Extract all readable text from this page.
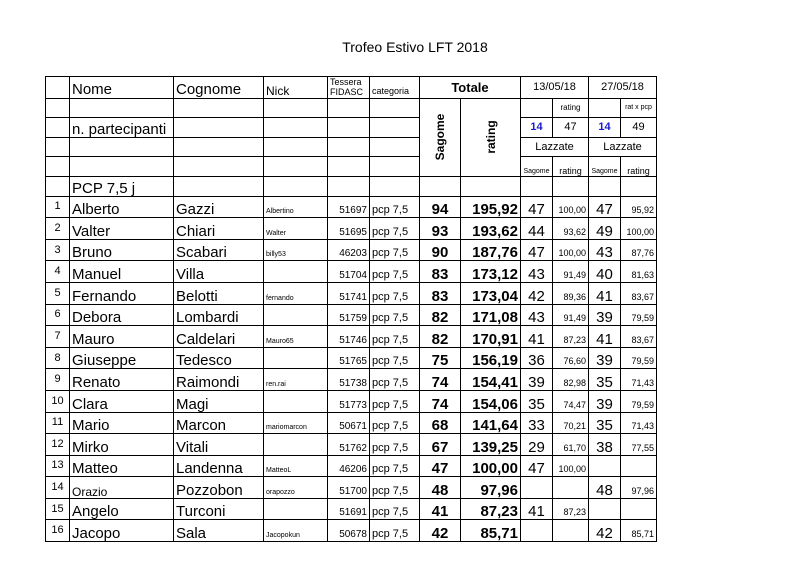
Trofeo Estivo LFT 2018
	Nome	Cognome	Nick	Tessera FIDASC	categoria	Totale		13/05/18		27/05/18	

						Sagome	rating		rating		rat x pcp
	n. partecipanti							14	47	14	49
								Lazzate		Lazzate	
								Sagome	rating	Sagome	rating
	PCP 7,5 j										
1	Alberto	Gazzi	Albertino	51697	pcp 7,5	94	195,92	47	100,00	47	95,92
2	Valter	Chiari	Walter	51695	pcp 7,5	93	193,62	44	93,62	49	100,00
3	Bruno	Scabari	billy53	46203	pcp 7,5	90	187,76	47	100,00	43	87,76
4	Manuel	Villa		51704	pcp 7,5	83	173,12	43	91,49	40	81,63
5	Fernando	Belotti	fernando	51741	pcp 7,5	83	173,04	42	89,36	41	83,67
6	Debora	Lombardi		51759	pcp 7,5	82	171,08	43	91,49	39	79,59
7	Mauro	Caldelari	Mauro65	51746	pcp 7,5	82	170,91	41	87,23	41	83,67
8	Giuseppe	Tedesco		51765	pcp 7,5	75	156,19	36	76,60	39	79,59
9	Renato	Raimondi	ren.rai	51738	pcp 7,5	74	154,41	39	82,98	35	71,43
10	Clara	Magi		51773	pcp 7,5	74	154,06	35	74,47	39	79,59
11	Mario	Marcon	mariomarcon	50671	pcp 7,5	68	141,64	33	70,21	35	71,43
12	Mirko	Vitali		51762	pcp 7,5	67	139,25	29	61,70	38	77,55
13	Matteo	Landenna	MatteoL	46206	pcp 7,5	47	100,00	47	100,00		
14	Orazio	Pozzobon	orapozzo	51700	pcp 7,5	48	97,96			48	97,96
15	Angelo	Turconi		51691	pcp 7,5	41	87,23	41	87,23		
16	Jacopo	Sala	Jacopokun	50678	pcp 7,5	42	85,71			42	85,71
